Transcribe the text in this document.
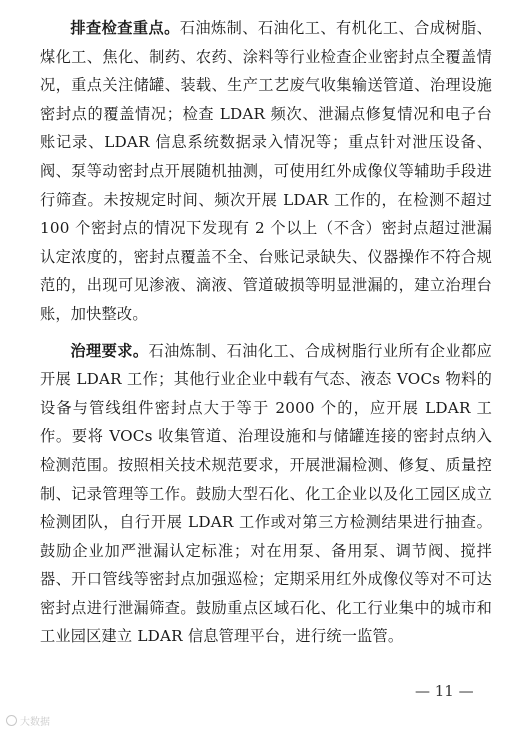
排查检查重点。石油炼制、石油化工、有机化工、合成树脂、煤化工、焦化、制药、农药、涂料等行业检查企业密封点全覆盖情况，重点关注储罐、装载、生产工艺废气收集输送管道、治理设施密封点的覆盖情况；检查 LDAR 频次、泄漏点修复情况和电子台账记录、LDAR 信息系统数据录入情况等；重点针对泄压设备、阀、泵等动密封点开展随机抽测，可使用红外成像仪等辅助手段进行筛查。未按规定时间、频次开展 LDAR 工作的，在检测不超过 100 个密封点的情况下发现有 2 个以上（不含）密封点超过泄漏认定浓度的，密封点覆盖不全、台账记录缺失、仪器操作不符合规范的，出现可见渗液、滴液、管道破损等明显泄漏的，建立治理台账，加快整改。

治理要求。石油炼制、石油化工、合成树脂行业所有企业都应开展 LDAR 工作；其他行业企业中载有气态、液态 VOCs 物料的设备与管线组件密封点大于等于 2000 个的，应开展 LDAR 工作。要将 VOCs 收集管道、治理设施和与储罐连接的密封点纳入检测范围。按照相关技术规范要求，开展泄漏检测、修复、质量控制、记录管理等工作。鼓励大型石化、化工企业以及化工园区成立检测团队，自行开展 LDAR 工作或对第三方检测结果进行抽查。鼓励企业加严泄漏认定标准；对在用泵、备用泵、调节阀、搅拌器、开口管线等密封点加强巡检；定期采用红外成像仪等对不可达密封点进行泄漏筛查。鼓励重点区域石化、化工行业集中的城市和工业园区建立 LDAR 信息管理平台，进行统一监管。

— 11 —
大数据
